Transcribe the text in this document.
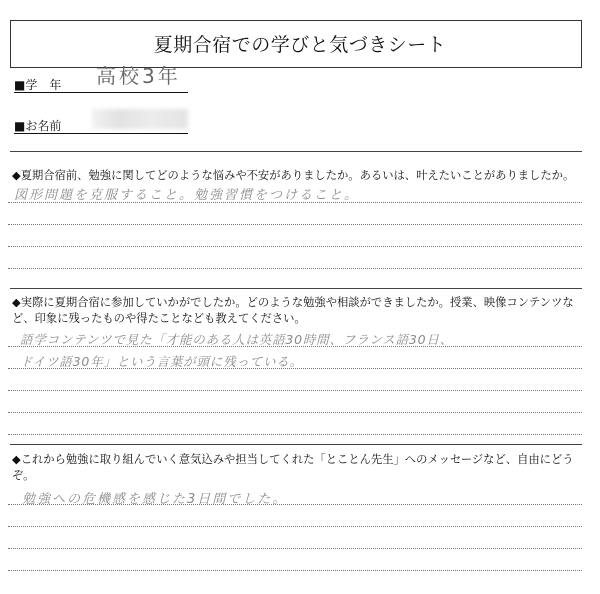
夏期合宿での学びと気づきシート
■学　年 高校3年
■お名前
◆夏期合宿前、勉強に関してどのような悩みや不安がありましたか。あるいは、叶えたいことがありましたか。
図形問題を克服すること。勉強習慣をつけること。
◆実際に夏期合宿に参加していかがでしたか。どのような勉強や相談ができましたか。授業、映像コンテンツなど、印象に残ったものや得たことなども教えてください。
語学コンテンツで見た「才能のある人は英語30時間、フランス語30日、
ドイツ語30年」という言葉が頭に残っている。
◆これから勉強に取り組んでいく意気込みや担当してくれた「とことん先生」へのメッセージなど、自由にどうぞ。
勉強への危機感を感じた3日間でした。
